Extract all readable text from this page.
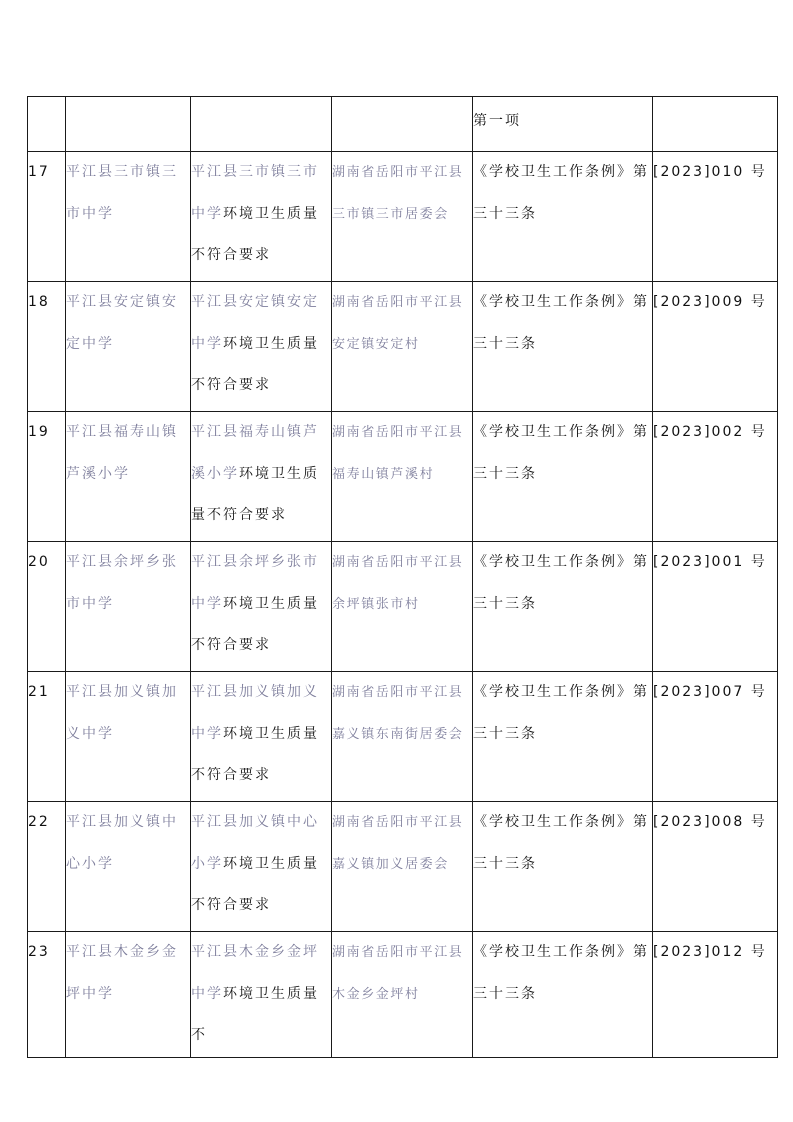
				第一项	
17	平江县三市镇三市中学	平江县三市镇三市中学环境卫生质量不符合要求	湖南省岳阳市平江县三市镇三市居委会	《学校卫生工作条例》第三十三条	[2023]010 号
18	平江县安定镇安定中学	平江县安定镇安定中学环境卫生质量不符合要求	湖南省岳阳市平江县安定镇安定村	《学校卫生工作条例》第三十三条	[2023]009 号
19	平江县福寿山镇芦溪小学	平江县福寿山镇芦溪小学环境卫生质量不符合要求	湖南省岳阳市平江县福寿山镇芦溪村	《学校卫生工作条例》第三十三条	[2023]002 号
20	平江县余坪乡张市中学	平江县余坪乡张市中学环境卫生质量不符合要求	湖南省岳阳市平江县余坪镇张市村	《学校卫生工作条例》第三十三条	[2023]001 号
21	平江县加义镇加义中学	平江县加义镇加义中学环境卫生质量不符合要求	湖南省岳阳市平江县嘉义镇东南街居委会	《学校卫生工作条例》第三十三条	[2023]007 号
22	平江县加义镇中心小学	平江县加义镇中心小学环境卫生质量不符合要求	湖南省岳阳市平江县嘉义镇加义居委会	《学校卫生工作条例》第三十三条	[2023]008 号
23	平江县木金乡金坪中学	平江县木金乡金坪中学环境卫生质量不	湖南省岳阳市平江县木金乡金坪村	《学校卫生工作条例》第三十三条	[2023]012 号
